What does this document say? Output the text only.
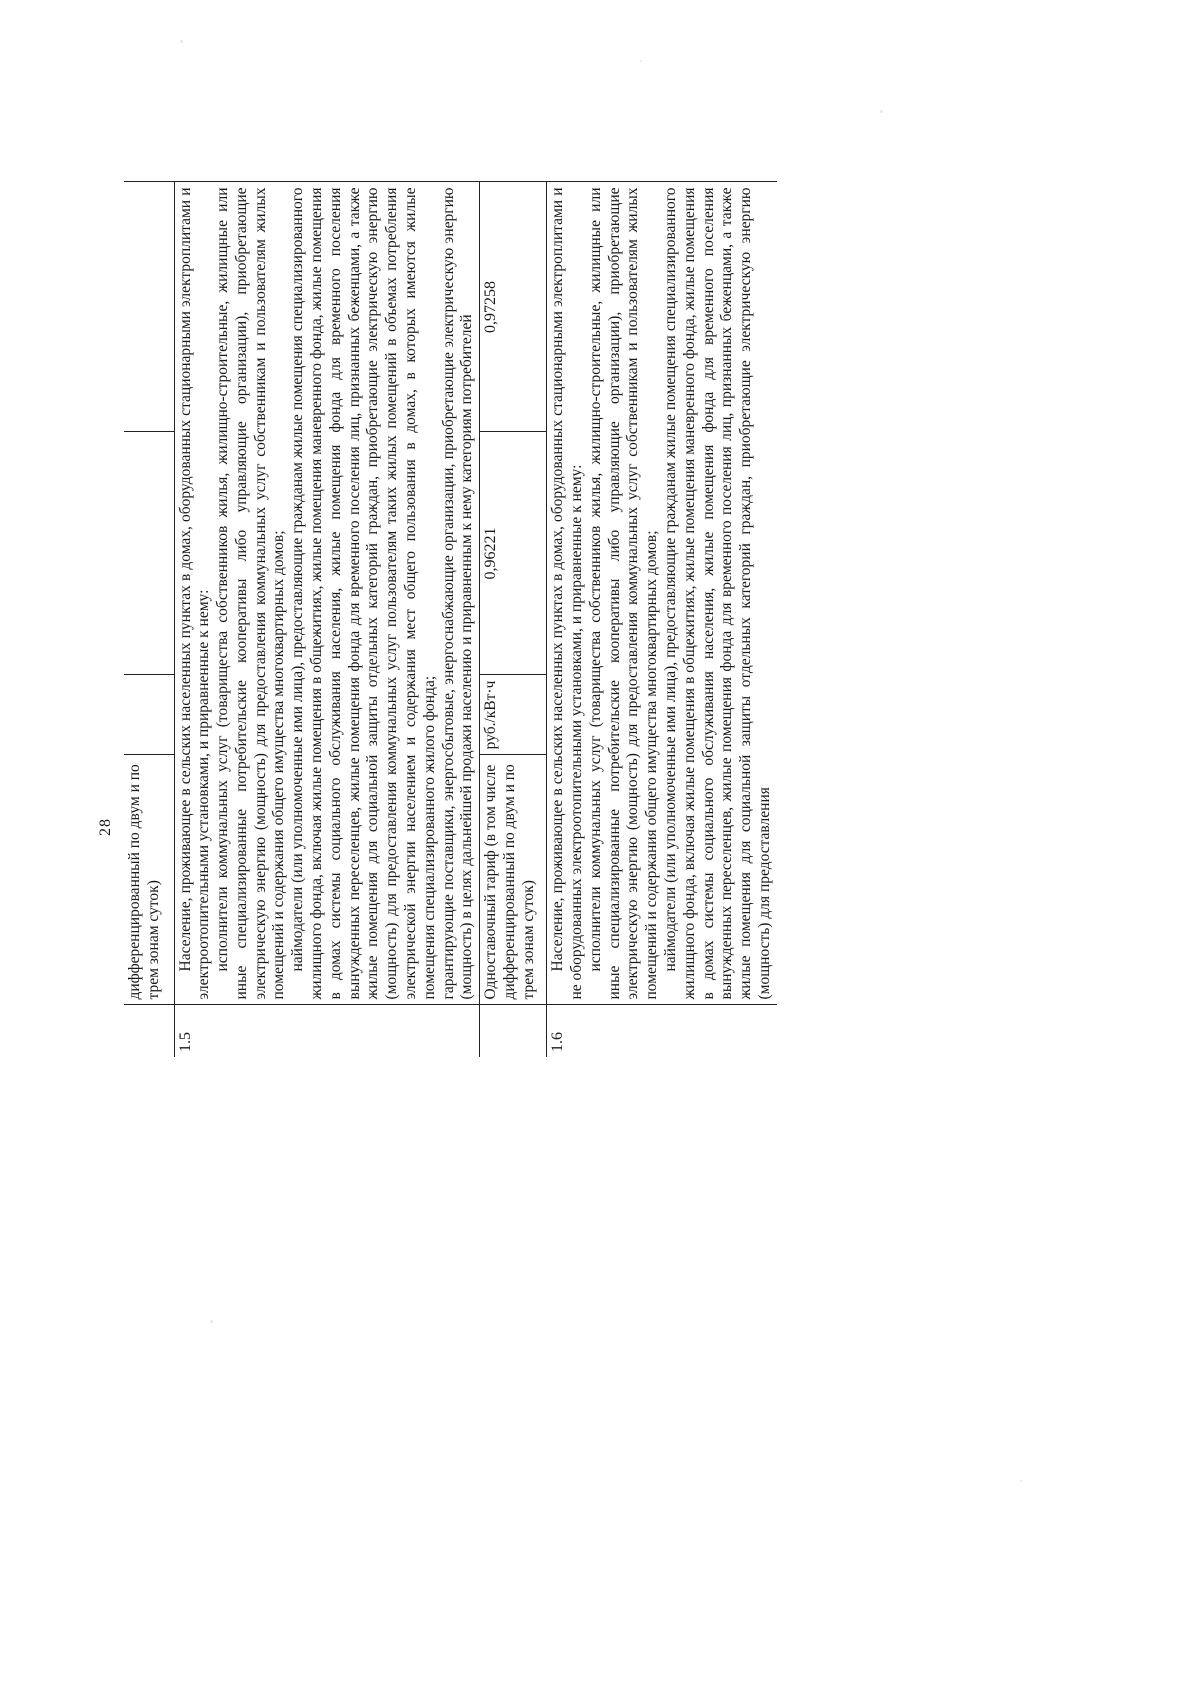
28
	дифференцированный по двум и по трем зонам суток)			
1.5	Население, проживающее в сельских населенных пунктах в домах, оборудованных стационарными электроплитами и электроотопительными установками, и приравненные к нему: исполнители коммунальных услуг (товарищества собственников жилья, жилищно-строительные, жилищные или иные специализированные потребительские кооперативы либо управляющие организации), приобретающие электрическую энергию (мощность) для предоставления коммунальных услуг собственникам и пользователям жилых помещений и содержания общего имущества многоквартирных домов; наймодатели (или уполномоченные ими лица), предоставляющие гражданам жилые помещения специализированного жилищного фонда, включая жилые помещения в общежитиях, жилые помещения маневренного фонда, жилые помещения в домах системы социального обслуживания населения, жилые помещения фонда для временного поселения вынужденных переселенцев, жилые помещения фонда для временного поселения лиц, признанных беженцами, а также жилые помещения для социальной защиты отдельных категорий граждан, приобретающие электрическую энергию (мощность) для предоставления коммунальных услуг пользователям таких жилых помещений в объемах потребления электрической энергии населением и содержания мест общего пользования в домах, в которых имеются жилые помещения специализированного жилого фонда; гарантирующие поставщики, энергосбытовые, энергоснабжающие организации, приобретающие электрическую энергию (мощность) в целях дальнейшей продажи населению и приравненным к нему категориям потребителей			

	Одноставочный тариф (в том числе дифференцированный по двум и по трем зонам суток)	руб./кВт·ч	0,96221	0,97258
1.6	Население, проживающее в сельских населенных пунктах в домах, оборудованных стационарными электроплитами и не оборудованных электроотопительными установками, и приравненные к нему: исполнители коммунальных услуг (товарищества собственников жилья, жилищно-строительные, жилищные или иные специализированные потребительские кооперативы либо управляющие организации), приобретающие электрическую энергию (мощность) для предоставления коммунальных услуг собственникам и пользователям жилых помещений и содержания общего имущества многоквартирных домов; наймодатели (или уполномоченные ими лица), предоставляющие гражданам жилые помещения специализированного жилищного фонда, включая жилые помещения в общежитиях, жилые помещения маневренного фонда, жилые помещения в домах системы социального обслуживания населения, жилые помещения фонда для временного поселения вынужденных переселенцев, жилые помещения фонда для временного поселения лиц, признанных беженцами, а также жилые помещения для социальной защиты отдельных категорий граждан, приобретающие электрическую энергию (мощность) для предоставления			
